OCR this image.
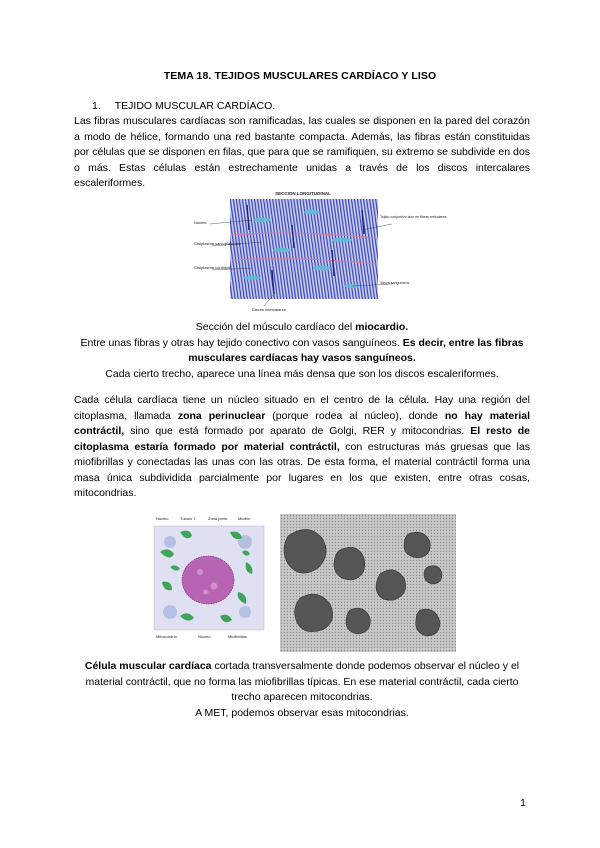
TEMA 18. TEJIDOS MUSCULARES CARDÍACO Y LISO
1. TEJIDO MUSCULAR CARDÍACO.
Las fibras musculares cardíacas son ramificadas, las cuales se disponen en la pared del corazón a modo de hélice, formando una red bastante compacta. Además, las fibras están constituidas por células que se disponen en filas, que para que se ramifiquen, su extremo se subdivide en dos o más. Estas células están estrechamente unidas a través de los discos intercalares escaleriformes.
SECCION LONGITUDINAL
Núcleo
Citoplasma sarcoplasmico
Citoplasma contráctil
Tejido conjuntivo laxo en fibras reticulares
Vasos sanguíneos
Discos intercalares
Sección del músculo cardíaco del miocardio.
Entre unas fibras y otras hay tejido conectivo con vasos sanguíneos. Es decir, entre las fibras musculares cardíacas hay vasos sanguíneos.
Cada cierto trecho, aparece una línea más densa que son los discos escaleriformes.
Cada célula cardíaca tiene un núcleo situado en el centro de la célula. Hay una región del citoplasma, llamada zona perinuclear (porque rodea al núcleo), donde no hay material contráctil, sino que está formado por aparato de Golgi, RER y mitocondrias. El resto de citoplasma estaría formado por material contráctil, con estructuras más gruesas que las miofibrillas y conectadas las unas con las otras. De esta forma, el material contráctil forma una masa única subdividida parcialmente por lugares en los que existen, entre otras cosas, mitocondrias.
Núcleo	Túbulo T	Zona perin. Miofibr.
Mitocondria	Núcleo	Miofibrillas
Célula muscular cardíaca cortada transversalmente donde podemos observar el núcleo y el material contráctil, que no forma las miofibrillas típicas. En ese material contráctil, cada cierto trecho aparecen mitocondrias.
A MET, podemos observar esas mitocondrias.
1
